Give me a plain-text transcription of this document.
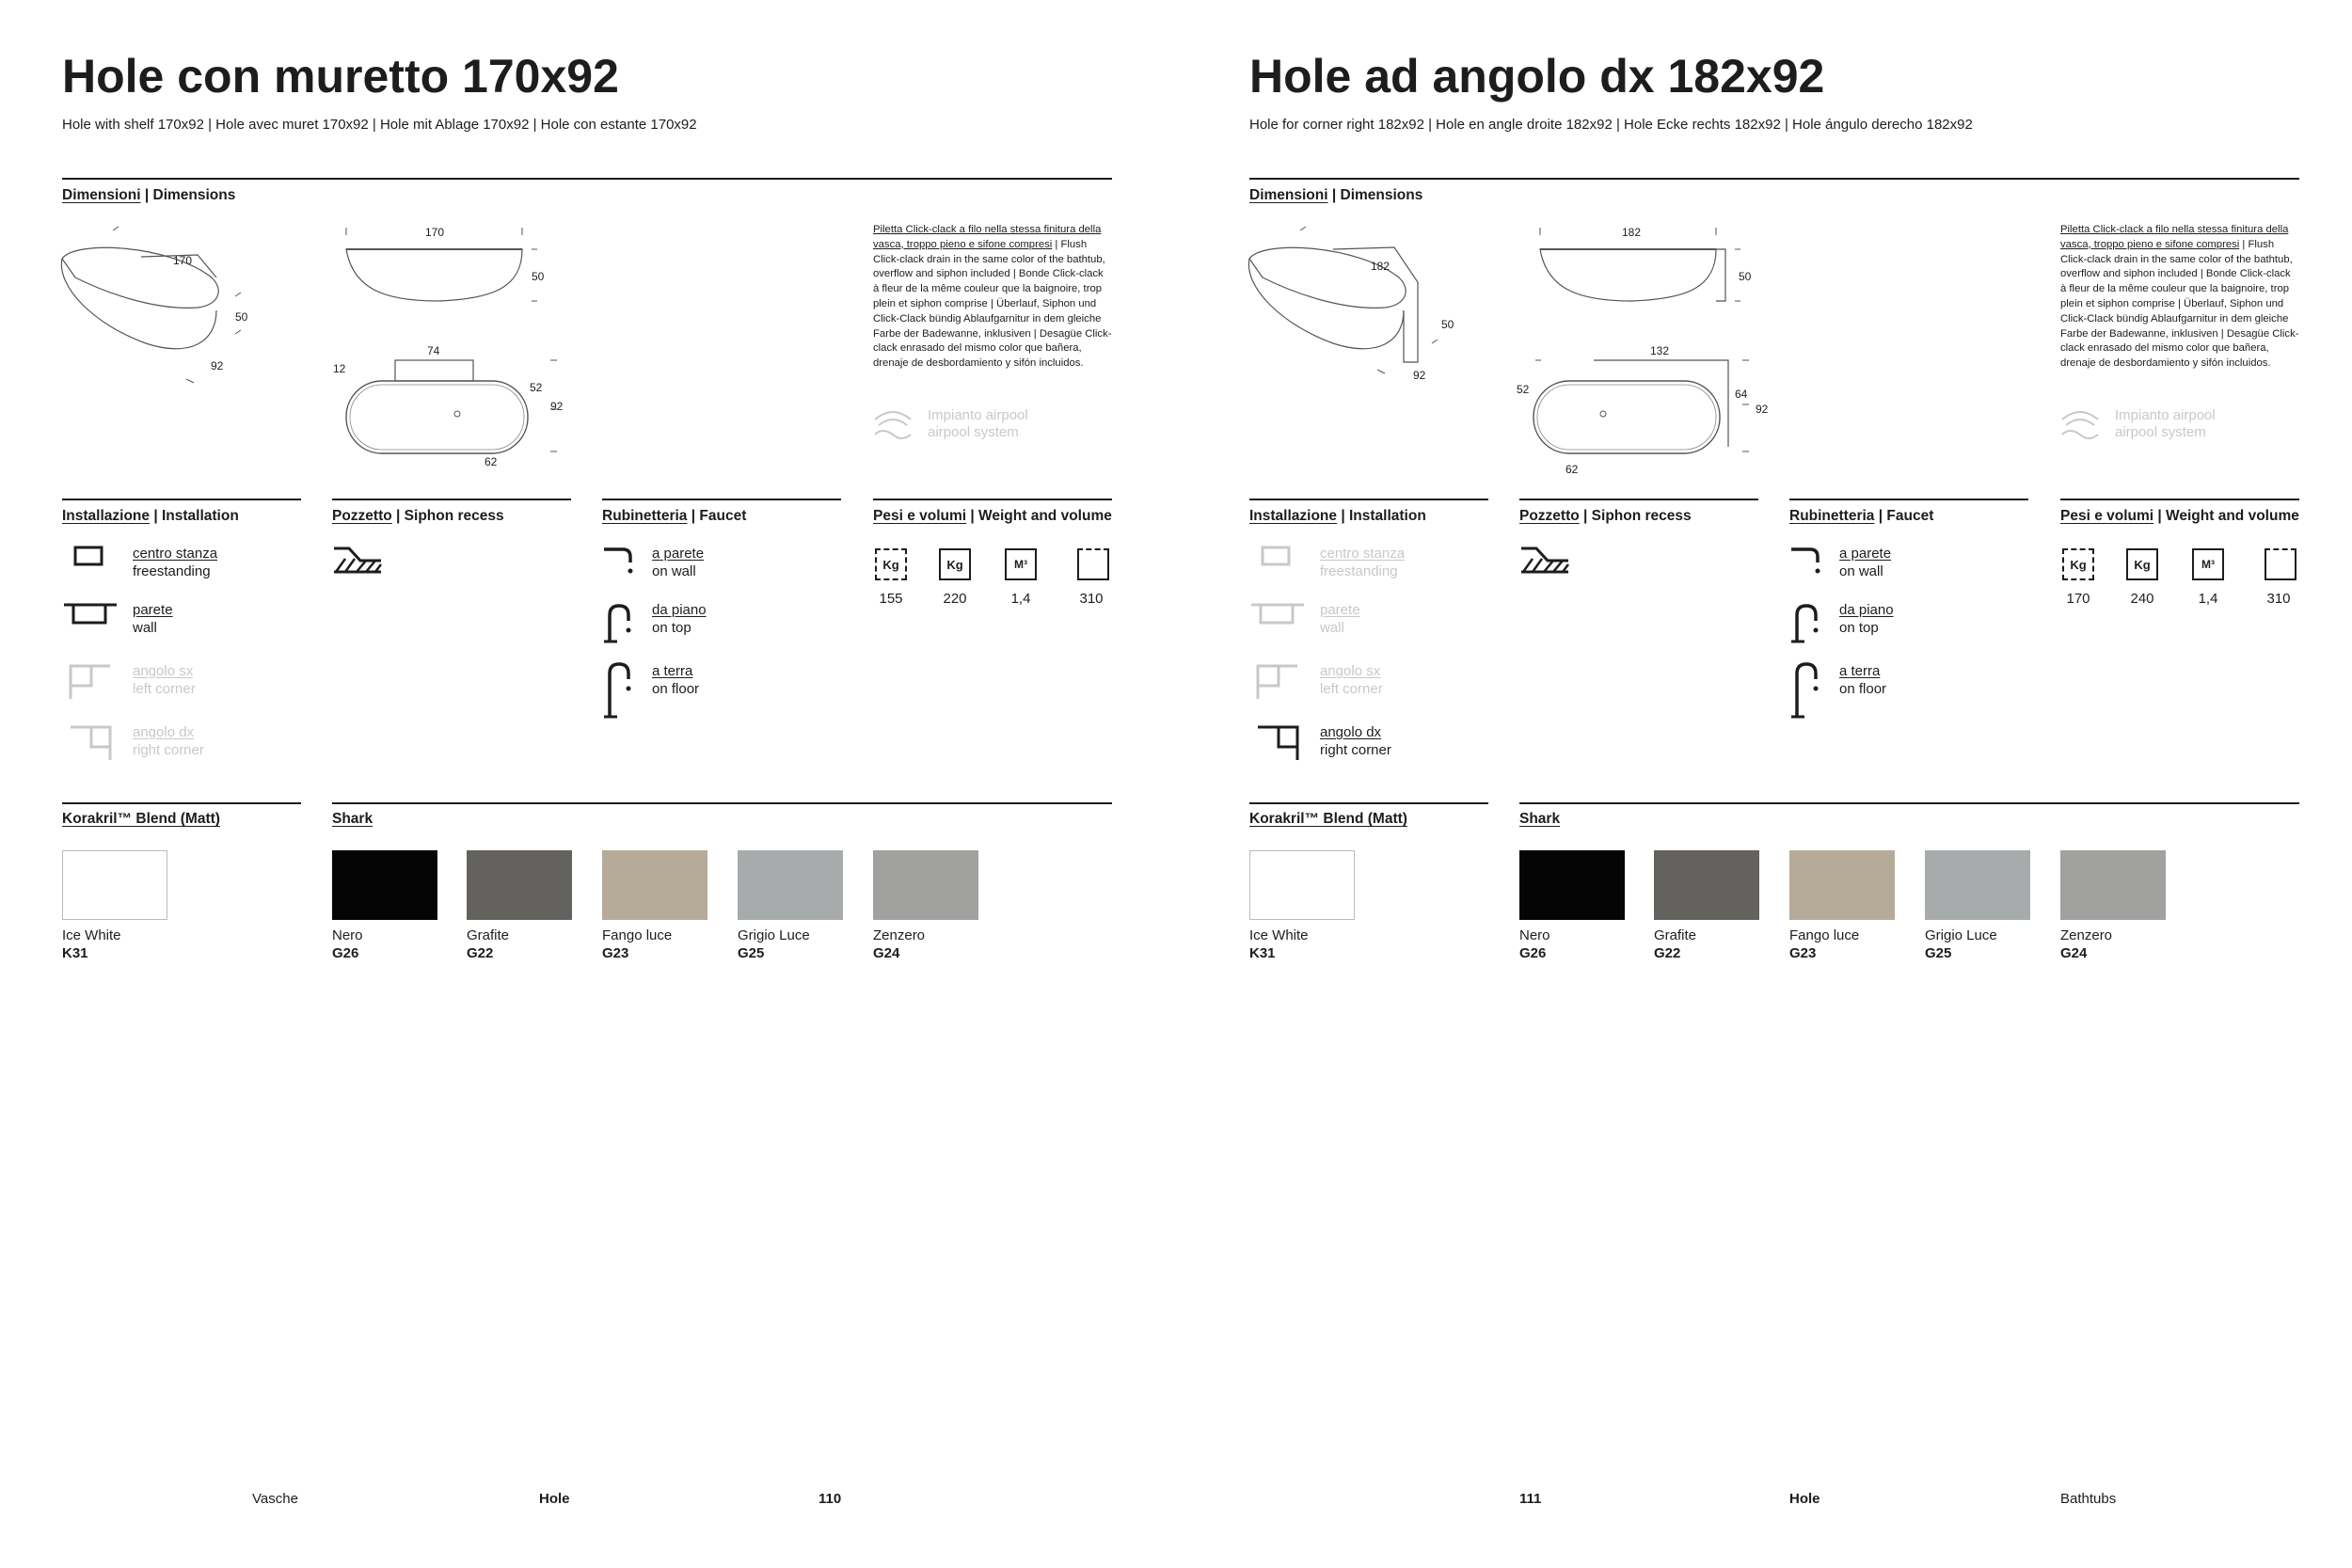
Hole con muretto 170x92
Hole with shelf 170x92 | Hole avec muret 170x92 | Hole mit Ablage 170x92 | Hole con estante 170x92
Dimensioni | Dimensions
170
50
92
170
50
74
12
52
92
62
Piletta Click-clack a filo nella stessa finitura della vasca, troppo pieno e sifone compresi | Flush Click-clack drain in the same color of the bathtub, overflow and siphon included | Bonde Click-clack à fleur de la même couleur que la baignoire, trop plein et siphon comprise | Überlauf, Siphon und Click-Clack bündig Ablaufgarnitur in dem gleiche Farbe der Badewanne, inklusiven | Desagüe Click-clack enrasado del mismo color que bañera, drenaje de desbordamiento y sifón incluidos.
Impianto airpool
airpool system
Installazione | Installation	Pozzetto | Siphon recess	Rubinetteria | Faucet	Pesi e volumi | Weight and volume
centro stanza
freestanding
parete
wall
angolo sx
left corner
angolo dx
right corner
a parete
on wall
da piano
on top
a terra
on floor
Kg	Kg	M³
155	220	1,4	310
Korakril™ Blend (Matt)	Shark
Ice White
K31
Nero
G26
Grafite
G22
Fango luce
G23
Grigio Luce
G25
Zenzero
G24
Vasche	Hole	110
Hole ad angolo dx 182x92
Hole for corner right 182x92 | Hole en angle droite 182x92 | Hole Ecke rechts 182x92 | Hole ángulo derecho 182x92
Dimensioni | Dimensions
182
50
92
182
50
132
52	64
92
62
Piletta Click-clack a filo nella stessa finitura della vasca, troppo pieno e sifone compresi | Flush Click-clack drain in the same color of the bathtub, overflow and siphon included | Bonde Click-clack à fleur de la même couleur que la baignoire, trop plein et siphon comprise | Überlauf, Siphon und Click-Clack bündig Ablaufgarnitur in dem gleiche Farbe der Badewanne, inklusiven | Desagüe Click-clack enrasado del mismo color que bañera, drenaje de desbordamiento y sifón incluidos.
Impianto airpool
airpool system
Installazione | Installation	Pozzetto | Siphon recess	Rubinetteria | Faucet	Pesi e volumi | Weight and volume
centro stanza
freestanding
parete
wall
angolo sx
left corner
angolo dx
right corner
a parete
on wall
da piano
on top
a terra
on floor
Kg	Kg	M³
170	240	1,4	310
Korakril™ Blend (Matt)	Shark
Ice White
K31
Nero
G26
Grafite
G22
Fango luce
G23
Grigio Luce
G25
Zenzero
G24
111	Hole	Bathtubs
